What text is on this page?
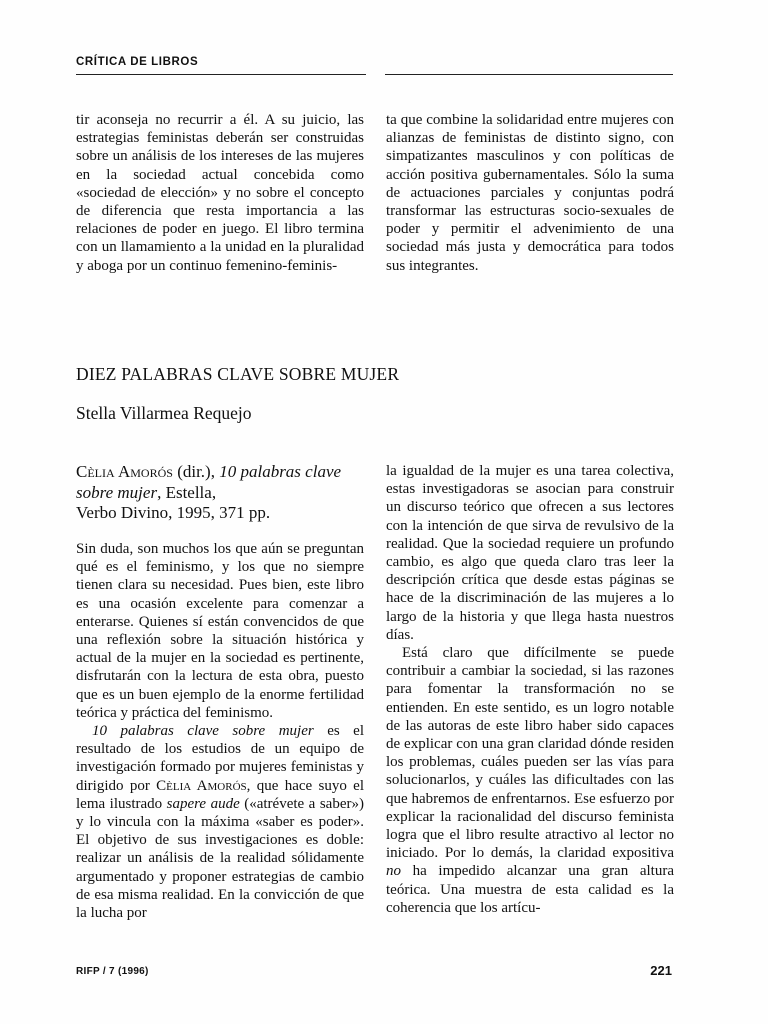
CRÍTICA DE LIBROS

tir aconseja no recurrir a él. A su juicio, las estrategias feministas deberán ser construidas sobre un análisis de los intereses de las mujeres en la sociedad actual concebida como «sociedad de elección» y no sobre el concepto de diferencia que resta importancia a las relaciones de poder en juego. El libro termina con un llamamiento a la unidad en la pluralidad y aboga por un continuo femenino-feminis-

ta que combine la solidaridad entre mujeres con alianzas de feministas de distinto signo, con simpatizantes masculinos y con políticas de acción positiva gubernamentales. Sólo la suma de actuaciones parciales y conjuntas podrá transformar las estructuras socio-sexuales de poder y permitir el advenimiento de una sociedad más justa y democrática para todos sus integrantes.

DIEZ PALABRAS CLAVE SOBRE MUJER
Stella Villarmea Requejo
Cèlia Amorós (dir.), 10 palabras clave sobre mujer, Estella,
Verbo Divino, 1995, 371 pp.

Sin duda, son muchos los que aún se preguntan qué es el feminismo, y los que no siempre tienen clara su necesidad. Pues bien, este libro es una ocasión excelente para comenzar a enterarse. Quienes sí están convencidos de que una reflexión sobre la situación histórica y actual de la mujer en la sociedad es pertinente, disfrutarán con la lectura de esta obra, puesto que es un buen ejemplo de la enorme fertilidad teórica y práctica del feminismo.

10 palabras clave sobre mujer es el resultado de los estudios de un equipo de investigación formado por mujeres feministas y dirigido por Cèlia Amorós, que hace suyo el lema ilustrado sapere aude («atrévete a saber») y lo vincula con la máxima «saber es poder». El objetivo de sus investigaciones es doble: realizar un análisis de la realidad sólidamente argumentado y proponer estrategias de cambio de esa misma realidad. En la convicción de que la lucha por

la igualdad de la mujer es una tarea colectiva, estas investigadoras se asocian para construir un discurso teórico que ofrecen a sus lectores con la intención de que sirva de revulsivo de la realidad. Que la sociedad requiere un profundo cambio, es algo que queda claro tras leer la descripción crítica que desde estas páginas se hace de la discriminación de las mujeres a lo largo de la historia y que llega hasta nuestros días.

Está claro que difícilmente se puede contribuir a cambiar la sociedad, si las razones para fomentar la transformación no se entienden. En este sentido, es un logro notable de las autoras de este libro haber sido capaces de explicar con una gran claridad dónde residen los problemas, cuáles pueden ser las vías para solucionarlos, y cuáles las dificultades con las que habremos de enfrentarnos. Ese esfuerzo por explicar la racionalidad del discurso feminista logra que el libro resulte atractivo al lector no iniciado. Por lo demás, la claridad expositiva no ha impedido alcanzar una gran altura teórica. Una muestra de esta calidad es la coherencia que los artícu-

RIFP / 7 (1996)	221
